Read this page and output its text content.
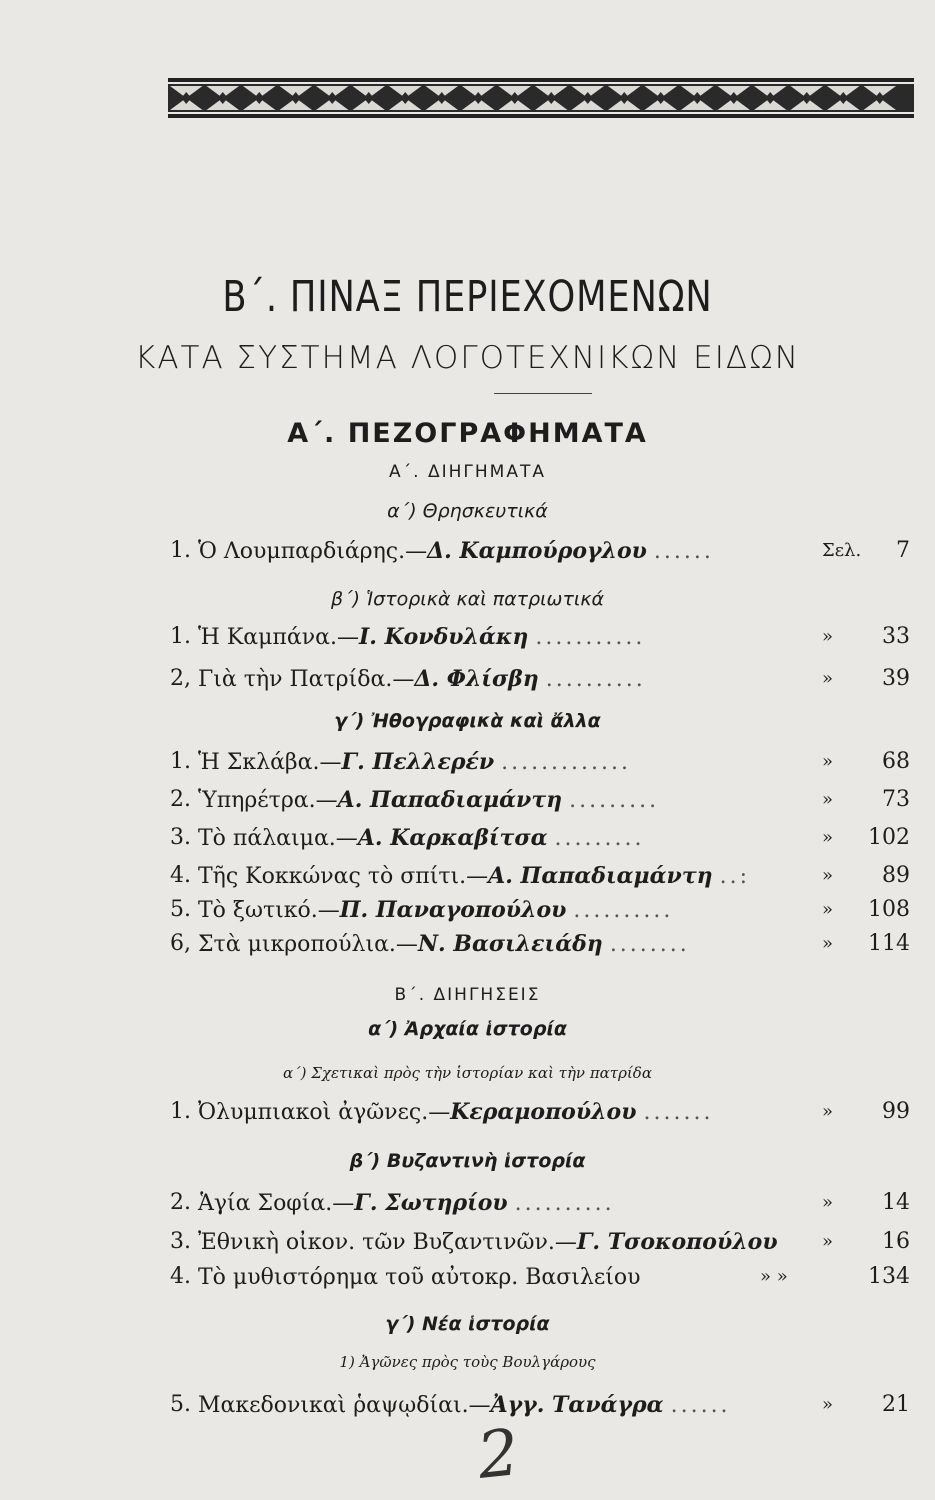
Β΄. ΠΙΝΑΞ ΠΕΡΙΕΧΟΜΕΝΩΝ
ΚΑΤΑ ΣΥΣΤΗΜΑ ΛΟΓΟΤΕΧΝΙΚΩΝ ΕΙΔΩΝ
Α΄. ΠΕΖΟΓΡΑΦΗΜΑΤΑ
Α΄. ΔΙΗΓΗΜΑΤΑ
α΄) Θρησκευτικά
1. Ὁ Λουμπαρδιάρης.—Δ. Καμπούρογλου ......	Σελ. 7
β΄) Ἱστορικὰ καὶ πατριωτικά
1. Ἡ Καμπάνα.—Ι. Κονδυλάκη ...........	» 33
2, Γιὰ τὴν Πατρίδα.—Δ. Φλίσβη ..........	» 39
γ΄) Ἠθογραφικὰ καὶ ἄλλα
1. Ἡ Σκλάβα.—Γ. Πελλερέν .............	» 68
2. Ὑπηρέτρα.—Α. Παπαδιαμάντη .........	» 73
3. Τὸ πάλαιμα.—Α. Καρκαβίτσα .........	» 102
4. Τῆς Κοκκώνας τὸ σπίτι.—Α. Παπαδιαμάντη ..:	» 89
5. Τὸ ξωτικό.—Π. Παναγοπούλου ..........	» 108
6, Στὰ μικροπούλια.—Ν. Βασιλειάδη ........	» 114
Β΄. ΔΙΗΓΗΣΕΙΣ
α΄) Ἀρχαία ἱστορία
α΄) Σχετικαὶ πρὸς τὴν ἱστορίαν καὶ τὴν πατρίδα
1. Ὀλυμπιακοὶ ἀγῶνες.—Κεραμοπούλου .......	» 99
β΄) Βυζαντινὴ ἱστορία
2. Ἁγία Σοφία.—Γ. Σωτηρίου ..........	» 14
3. Ἐθνικὴ οἰκον. τῶν Βυζαντινῶν.—Γ. Τσοκοπούλου » 16
4. Τὸ μυθιστόρημα τοῦ αὐτοκρ. Βασιλείου	» »	134
γ΄) Νέα ἱστορία
1) Ἀγῶνες πρὸς τοὺς Βουλγάρους
5. Μακεδονικαὶ ῥαψῳδίαι.—Ἀγγ. Τανάγρα ......	» 21
2
